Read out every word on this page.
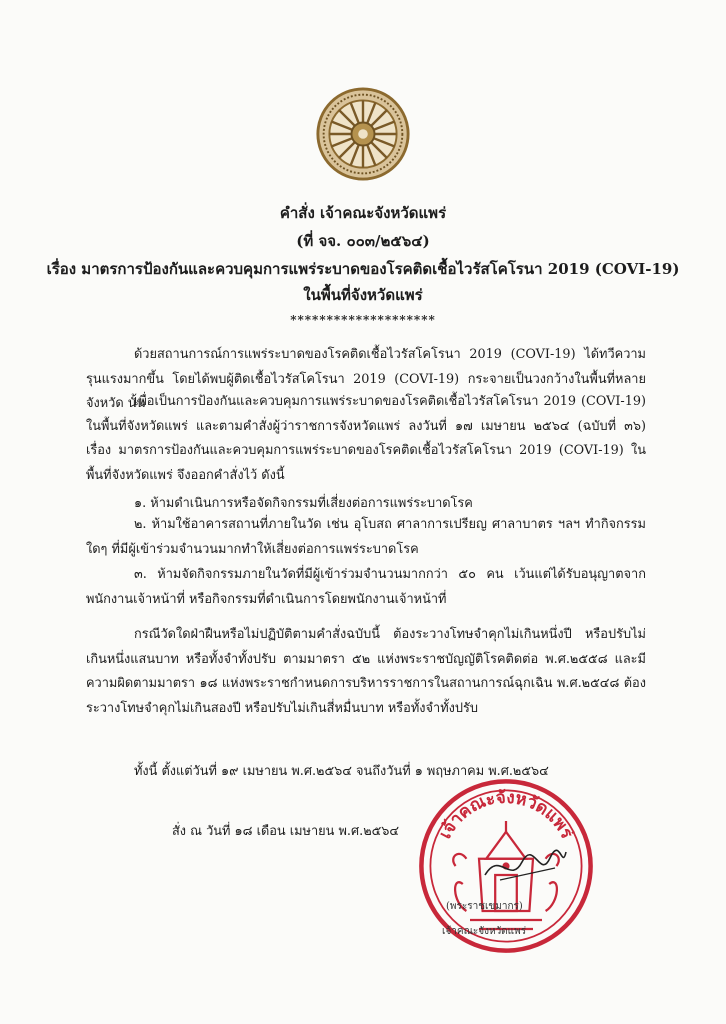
คำสั่ง เจ้าคณะจังหวัดแพร่
(ที่ จจ. ๐๐๓/๒๕๖๔)
เรื่อง มาตรการป้องกันและควบคุมการแพร่ระบาดของโรคติดเชื้อไวรัสโคโรนา 2019 (COVI-19)
ในพื้นที่จังหวัดแพร่
********************
ด้วยสถานการณ์การแพร่ระบาดของโรคติดเชื้อไวรัสโคโรนา 2019 (COVI-19) ได้ทวีความรุนแรงมากขึ้น โดยได้พบผู้ติดเชื้อไวรัสโคโรนา 2019 (COVI-19) กระจายเป็นวงกว้างในพื้นที่หลายจังหวัด นั้น
เพื่อเป็นการป้องกันและควบคุมการแพร่ระบาดของโรคติดเชื้อไวรัสโคโรนา 2019 (COVI-19) ในพื้นที่จังหวัดแพร่ และตามคำสั่งผู้ว่าราชการจังหวัดแพร่ ลงวันที่ ๑๗ เมษายน ๒๕๖๔ (ฉบับที่ ๓๖) เรื่อง มาตรการป้องกันและควบคุมการแพร่ระบาดของโรคติดเชื้อไวรัสโคโรนา 2019 (COVI-19) ในพื้นที่จังหวัดแพร่ จึงออกคำสั่งไว้ ดังนี้
๑. ห้ามดำเนินการหรือจัดกิจกรรมที่เสี่ยงต่อการแพร่ระบาดโรค
๒. ห้ามใช้อาคารสถานที่ภายในวัด เช่น อุโบสถ ศาลาการเปรียญ ศาลาบาตร ฯลฯ ทำกิจกรรมใดๆ ที่มีผู้เข้าร่วมจำนวนมากทำให้เสี่ยงต่อการแพร่ระบาดโรค
๓. ห้ามจัดกิจกรรมภายในวัดที่มีผู้เข้าร่วมจำนวนมากกว่า ๕๐ คน เว้นแต่ได้รับอนุญาตจากพนักงานเจ้าหน้าที่ หรือกิจกรรมที่ดำเนินการโดยพนักงานเจ้าหน้าที่
กรณีวัดใดฝ่าฝืนหรือไม่ปฏิบัติตามคำสั่งฉบับนี้ ต้องระวางโทษจำคุกไม่เกินหนึ่งปี หรือปรับไม่เกินหนึ่งแสนบาท หรือทั้งจำทั้งปรับ ตามมาตรา ๕๒ แห่งพระราชบัญญัติโรคติดต่อ พ.ศ.๒๕๕๘ และมีความผิดตามมาตรา ๑๘ แห่งพระราชกำหนดการบริหารราชการในสถานการณ์ฉุกเฉิน พ.ศ.๒๕๔๘ ต้องระวางโทษจำคุกไม่เกินสองปี หรือปรับไม่เกินสี่หมื่นบาท หรือทั้งจำทั้งปรับ
ทั้งนี้ ตั้งแต่วันที่ ๑๙ เมษายน พ.ศ.๒๕๖๔ จนถึงวันที่ ๑ พฤษภาคม พ.ศ.๒๕๖๔
สั่ง ณ วันที่ ๑๘ เดือน เมษายน พ.ศ.๒๕๖๔ เจ้าคณะจังหวัดแพร่
(พระราชเขมากร)
เจ้าคณะจังหวัดแพร่
